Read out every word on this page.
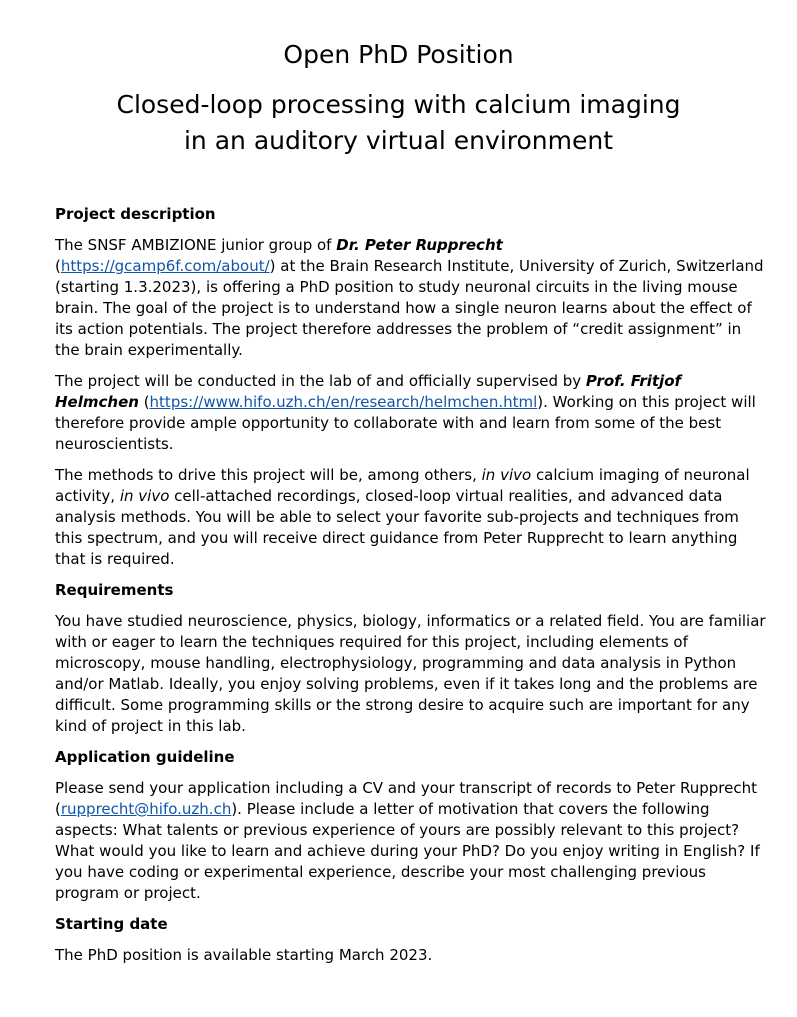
Open PhD Position
Closed-loop processing with calcium imaging
in an auditory virtual environment
Project description

The SNSF AMBIZIONE junior group of Dr. Peter Rupprecht
(https://gcamp6f.com/about/) at the Brain Research Institute, University of Zurich, Switzerland (starting 1.3.2023), is offering a PhD position to study neuronal circuits in the living mouse brain. The goal of the project is to understand how a single neuron learns about the effect of its action potentials. The project therefore addresses the problem of “credit assignment” in the brain experimentally.

The project will be conducted in the lab of and officially supervised by Prof. Fritjof Helmchen (https://www.hifo.uzh.ch/en/research/helmchen.html). Working on this project will therefore provide ample opportunity to collaborate with and learn from some of the best neuroscientists.

The methods to drive this project will be, among others, in vivo calcium imaging of neuronal activity, in vivo cell-attached recordings, closed-loop virtual realities, and advanced data analysis methods. You will be able to select your favorite sub-projects and techniques from this spectrum, and you will receive direct guidance from Peter Rupprecht to learn anything that is required.

Requirements

You have studied neuroscience, physics, biology, informatics or a related field. You are familiar with or eager to learn the techniques required for this project, including elements of microscopy, mouse handling, electrophysiology, programming and data analysis in Python and/or Matlab. Ideally, you enjoy solving problems, even if it takes long and the problems are difficult. Some programming skills or the strong desire to acquire such are important for any kind of project in this lab.

Application guideline

Please send your application including a CV and your transcript of records to Peter Rupprecht (rupprecht@hifo.uzh.ch). Please include a letter of motivation that covers the following aspects: What talents or previous experience of yours are possibly relevant to this project? What would you like to learn and achieve during your PhD? Do you enjoy writing in English? If you have coding or experimental experience, describe your most challenging previous program or project.

Starting date

The PhD position is available starting March 2023.
